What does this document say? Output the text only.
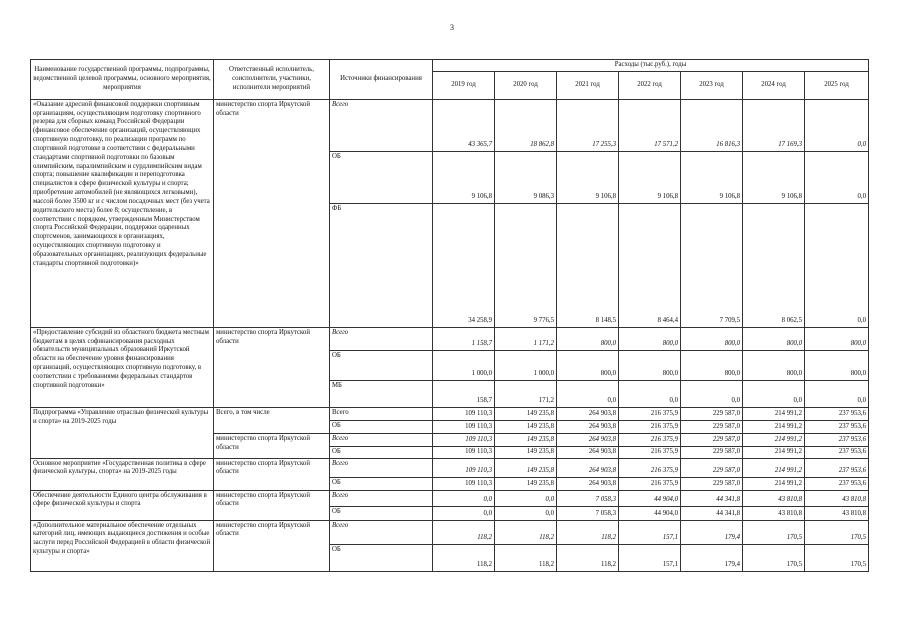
3
Наименование государственной программы, подпрограммы, ведомственной целевой программы, основного мероприятия, мероприятия	Ответственный исполнитель, соисполнители, участники, исполнители мероприятий	Источники финансирования	Расходы (тыс.руб.), годы						
			2019 год	2020 год	2021 год	2022 год	2023 год	2024 год	2025 год
«Оказание адресной финансовой поддержки спортивным организациям, осуществляющим подготовку спортивного резерва для сборных команд Российской Федерации (финансовое обеспечение организаций, осуществляющих спортивную подготовку, по реализации программ по спортивной подготовке в соответствии с федеральными стандартами спортивной подготовки по базовым олимпийским, паралимпийским и сурдлимпийским видам спорта; повышение квалификации и переподготовка специалистов в сфере физической культуры и спорта; приобретение автомобилей (не являющихся легковыми), массой более 3500 кг и с числом посадочных мест (без учета водительского места) более 8; осуществление, в соответствии с порядком, утвержденным Министерством спорта Российской Федерации, поддержки одаренных спортсменов, занимающихся в организациях, осуществляющих спортивную подготовку и образовательных организациях, реализующих федеральные стандарты спортивной подготовки)»	министерство спорта Иркутской области	Всего	43 365,7	18 862,8	17 255,3	17 571,2	16 816,3	17 169,3	0,0
		ОБ	9 106,8	9 086,3	9 106,8	9 106,8	9 106,8	9 106,8	0,0
		ФБ	34 258,9	9 776,5	8 148,5	8 464,4	7 709,5	8 062,5	0,0
«Предоставление субсидий из областного бюджета местным бюджетам в целях софинансирования расходных обязательств муниципальных образований Иркутской области на обеспечение уровня финансирования организаций, осуществляющих спортивную подготовку, в соответствии с требованиями федеральных стандартов спортивной подготовки»	министерство спорта Иркутской области	Всего	1 158,7	1 171,2	800,0	800,0	800,0	800,0	800,0
		ОБ	1 000,0	1 000,0	800,0	800,0	800,0	800,0	800,0
		МБ	158,7	171,2	0,0	0,0	0,0	0,0	0,0
Подпрограмма «Управление отраслью физической культуры и спорта» на 2019-2025 годы	Всего, в том числе	Всего	109 110,3	149 235,8	264 903,8	216 375,9	229 587,0	214 991,2	237 953,6
		ОБ	109 110,3	149 235,8	264 903,8	216 375,9	229 587,0	214 991,2	237 953,6
	министерство спорта Иркутской области	Всего	109 110,3	149 235,8	264 903,8	216 375,9	229 587,0	214 991,2	237 953,6
		ОБ	109 110,3	149 235,8	264 903,8	216 375,9	229 587,0	214 991,2	237 953,6
Основное мероприятие «Государственная политика в сфере физической культуры, спорта» на 2019-2025 годы	министерство спорта Иркутской области	Всего	109 110,3	149 235,8	264 903,8	216 375,9	229 587,0	214 991,2	237 953,6
		ОБ	109 110,3	149 235,8	264 903,8	216 375,9	229 587,0	214 991,2	237 953,6
Обеспечение деятельности Единого центра обслуживания в сфере физической культуры и спорта	министерство спорта Иркутской области	Всего	0,0	0,0	7 058,3	44 904,0	44 341,8	43 810,8	43 810,8
		ОБ	0,0	0,0	7 058,3	44 904,0	44 341,8	43 810,8	43 810,8
«Дополнительное материальное обеспечение отдельных категорий лиц, имеющих выдающиеся достижения и особые заслуги перед Российской Федерацией в области физической культуры и спорта»	министерство спорта Иркутской области	Всего	118,2	118,2	118,2	157,1	179,4	170,5	170,5
		ОБ	118,2	118,2	118,2	157,1	179,4	170,5	170,5
